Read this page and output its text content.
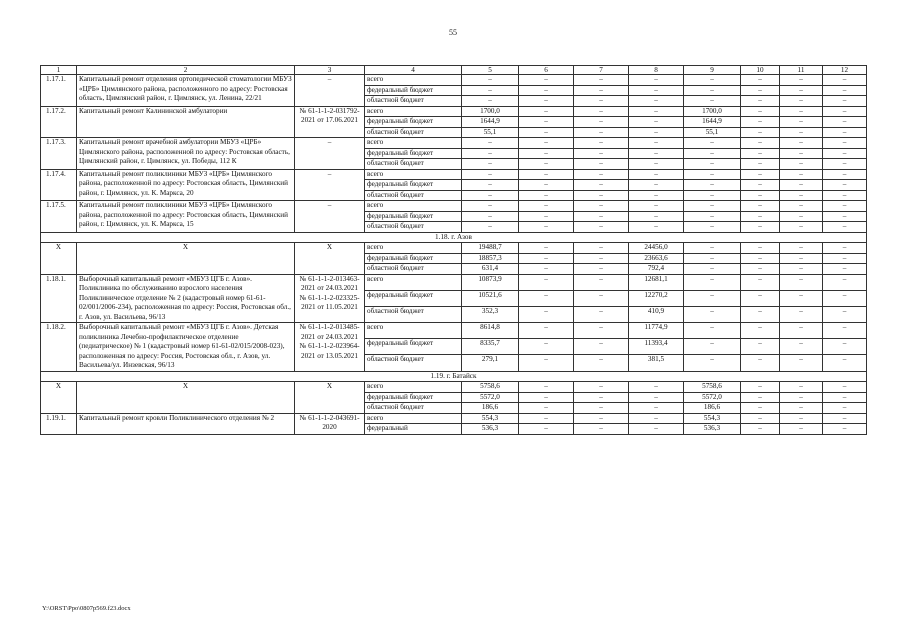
55
1	2	3	4	5	6	7	8	9	10	11	12
1.17.1.	Капитальный ремонт отделения ортопедической стоматологии МБУЗ «ЦРБ» Цимлянского района, расположенного по адресу: Ростовская область, Цимлянский район, г. Цимлянск, ул. Ленина, 22/21	–	всего	–	–	–	–	–	–	–	–
			федеральный бюджет	–	–	–	–	–	–	–	–
			областной бюджет	–	–	–	–	–	–	–	–
1.17.2.	Капитальный ремонт Калининской амбулатории	№ 61-1-1-2-031792-2021 от 17.06.2021	всего	1700,0	–	–	–	1700,0	–	–	–
			федеральный бюджет	1644,9	–	–	–	1644,9	–	–	–
			областной бюджет	55,1	–	–	–	55,1	–	–	–
1.17.3.	Капитальный ремонт врачебной амбулатории МБУЗ «ЦРБ» Цимлянского района, расположенной по адресу: Ростовская область, Цимлянский район, г. Цимлянск, ул. Победы, 112 К	–	всего	–	–	–	–	–	–	–	–
			федеральный бюджет	–	–	–	–	–	–	–	–
			областной бюджет	–	–	–	–	–	–	–	–
1.17.4.	Капитальный ремонт поликлиники МБУЗ «ЦРБ» Цимлянского района, расположенной по адресу: Ростовская область, Цимлянский район, г. Цимлянск, ул. К. Маркса, 20	–	всего	–	–	–	–	–	–	–	–
			федеральный бюджет	–	–	–	–	–	–	–	–
			областной бюджет	–	–	–	–	–	–	–	–
1.17.5.	Капитальный ремонт поликлиники МБУЗ «ЦРБ» Цимлянского района, расположенной по адресу: Ростовская область, Цимлянский район, г. Цимлянск, ул. К. Маркса, 15	–	всего	–	–	–	–	–	–	–	–
			федеральный бюджет	–	–	–	–	–	–	–	–
			областной бюджет	–	–	–	–	–	–	–	–
1.18. г. Азов											
Х	Х	Х	всего	19488,7	–	–	24456,0	–	–	–	–
			федеральный бюджет	18857,3	–	–	23663,6	–	–	–	–
			областной бюджет	631,4	–	–	792,4	–	–	–	–
1.18.1.	Выборочный капитальный ремонт «МБУЗ ЦГБ г. Азов». Поликлиника по обслуживанию взрослого населения Поликлиническое отделение № 2 (кадастровый номер 61-61-02/001/2006-234), расположенная по адресу: Россия, Ростовская обл., г. Азов, ул. Васильева, 96/13	№ 61-1-1-2-013463-2021 от 24.03.2021 № 61-1-1-2-023325-2021 от 11.05.2021	всего	10873,9	–	–	12681,1	–	–	–	–
			федеральный бюджет	10521,6	–	–	12270,2	–	–	–	–
			областной бюджет	352,3	–	–	410,9	–	–	–	–
1.18.2.	Выборочный капитальный ремонт «МБУЗ ЦГБ г. Азов». Детская поликлиника Лечебно-профилактическое отделение (педиатрическое) № 1 (кадастровый номер 61-61-02/015/2008-023), расположенная по адресу: Россия, Ростовская обл., г. Азов, ул. Васильева/ул. Инзевская, 96/13	№ 61-1-1-2-013485-2021 от 24.03.2021 № 61-1-1-2-023964-2021 от 13.05.2021	всего	8614,8	–	–	11774,9	–	–	–	–
			федеральный бюджет	8335,7	–	–	11393,4	–	–	–	–
			областной бюджет	279,1	–	–	381,5	–	–	–	–
1.19. г. Батайск											
Х	Х	Х	всего	5758,6	–	–	–	5758,6	–	–	–
			федеральный бюджет	5572,0	–	–	–	5572,0	–	–	–
			областной бюджет	186,6	–	–	–	186,6	–	–	–
1.19.1.	Капитальный ремонт кровли Поликлинического отделения № 2	№ 61-1-1-2-043691-2020	всего	554,3	–	–	–	554,3	–	–	–
			федеральный	536,3	–	–	–	536,3	–	–	–
Y:\ORST\Ppo\0807p569.f23.docx
